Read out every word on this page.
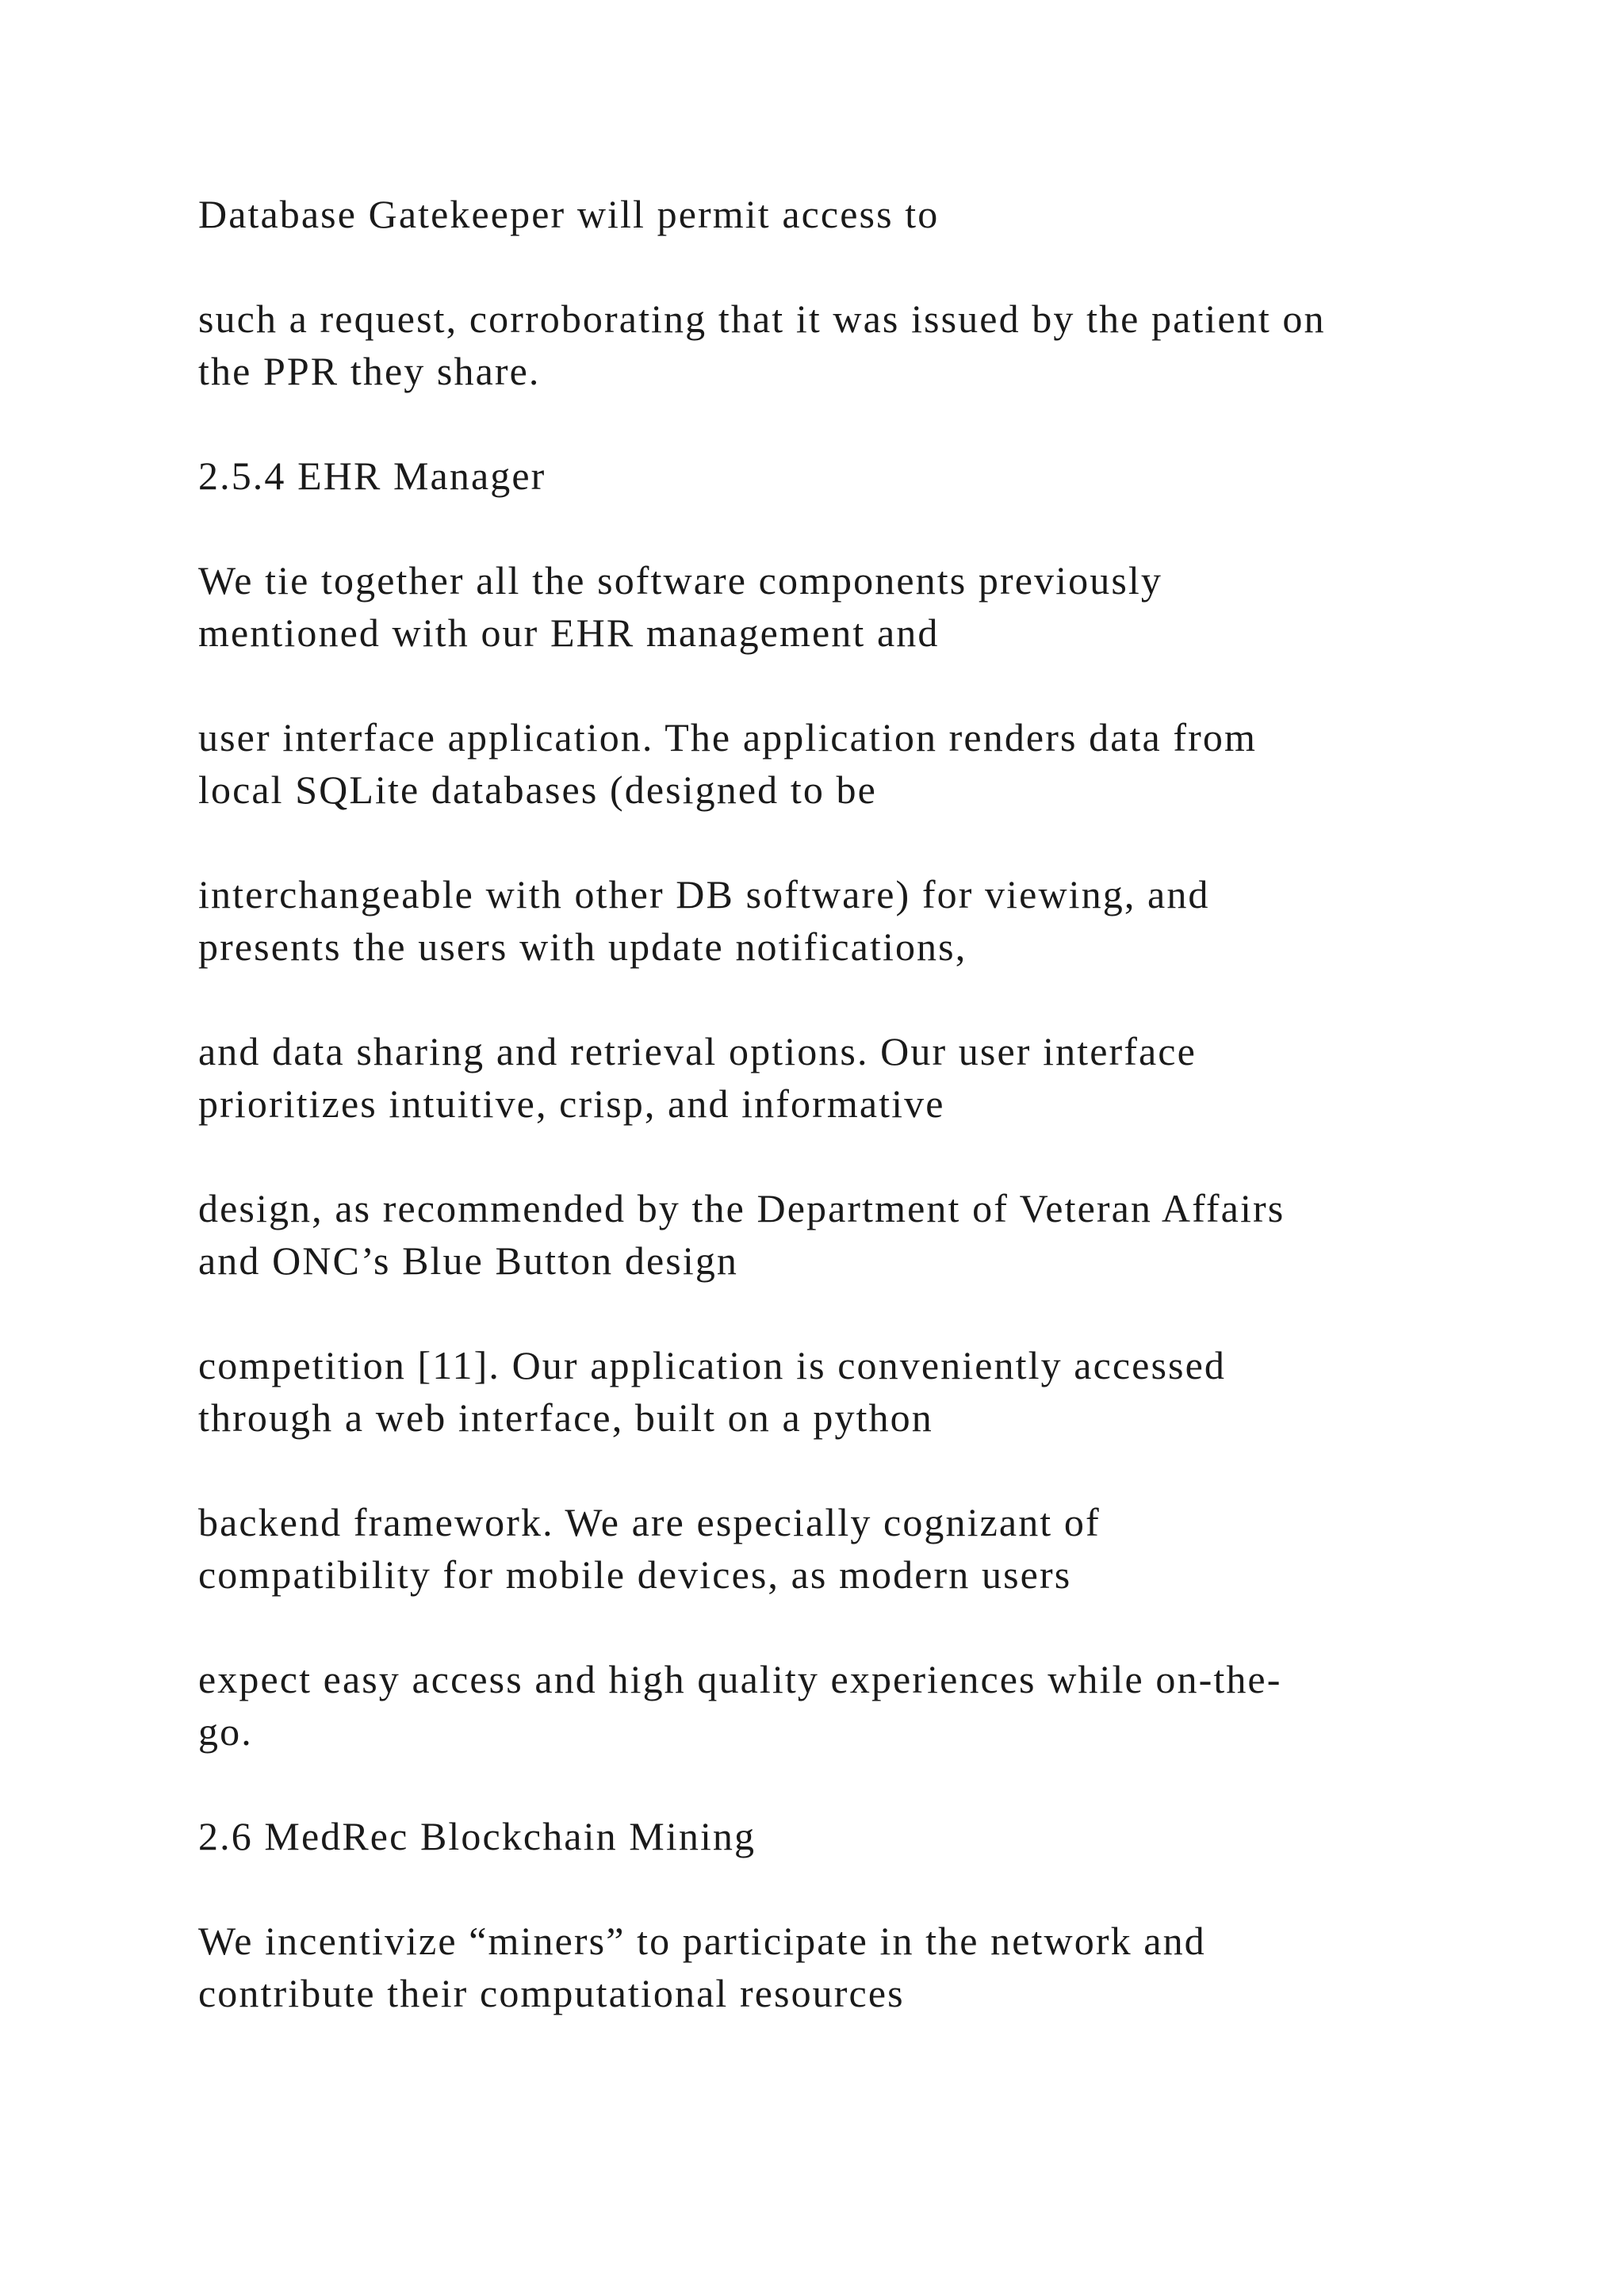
Database Gatekeeper will permit access to

such a request, corroborating that it was issued by the patient on
the PPR they share.

2.5.4 EHR Manager

We tie together all the software components previously
mentioned with our EHR management and

user interface application. The application renders data from
local SQLite databases (designed to be

interchangeable with other DB software) for viewing, and
presents the users with update notifications,

and data sharing and retrieval options. Our user interface
prioritizes intuitive, crisp, and informative

design, as recommended by the Department of Veteran Affairs
and ONC’s Blue Button design

competition [11]. Our application is conveniently accessed
through a web interface, built on a python

backend framework. We are especially cognizant of
compatibility for mobile devices, as modern users

expect easy access and high quality experiences while on-the-
go.

2.6 MedRec Blockchain Mining

We incentivize “miners” to participate in the network and
contribute their computational resources
